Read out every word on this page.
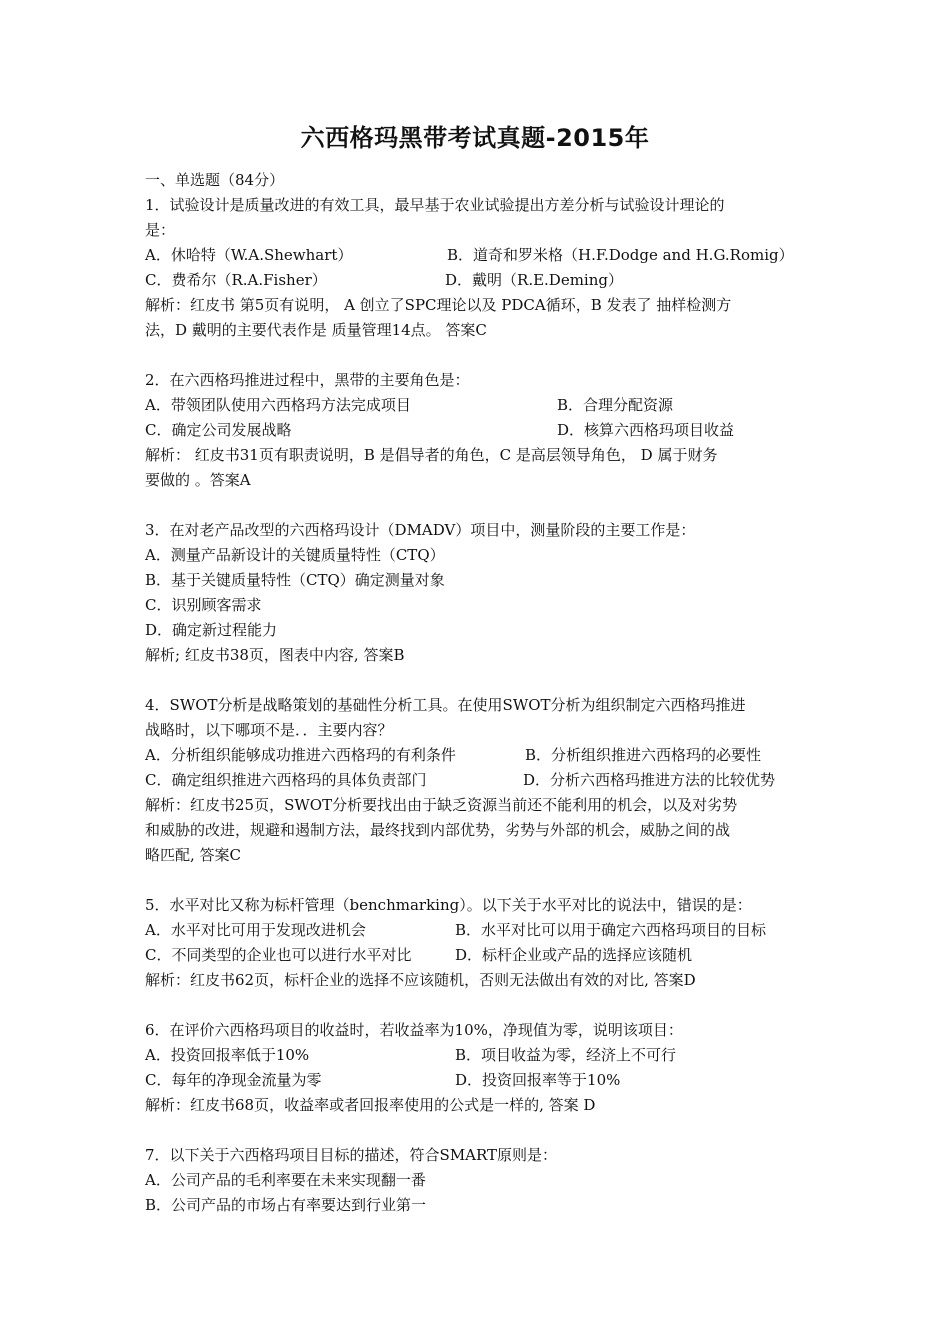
六西格玛黑带考试真题-2015年
一、单选题（84分）
1．试验设计是质量改进的有效工具，最早基于农业试验提出方差分析与试验设计理论的
是：
A．休哈特（W.A.Shewhart）	B．道奇和罗米格（H.F.Dodge and H.G.Romig）
C．费希尔（R.A.Fisher）	D．戴明（R.E.Deming）
解析：红皮书 第5页有说明， A 创立了SPC理论以及 PDCA循环，B 发表了 抽样检测方
法，D 戴明的主要代表作是 质量管理14点。 答案C
2．在六西格玛推进过程中，黑带的主要角色是：
A．带领团队使用六西格玛方法完成项目	B．合理分配资源
C．确定公司发展战略	D．核算六西格玛项目收益
解析： 红皮书31页有职责说明，B 是倡导者的角色，C 是高层领导角色， D 属于财务
要做的 。答案A
3．在对老产品改型的六西格玛设计（DMADV）项目中，测量阶段的主要工作是：
A．测量产品新设计的关键质量特性（CTQ）
B．基于关键质量特性（CTQ）确定测量对象
C．识别顾客需求
D．确定新过程能力
解析; 红皮书38页，图表中内容, 答案B
4．SWOT分析是战略策划的基础性分析工具。在使用SWOT分析为组织制定六西格玛推进
战略时，以下哪项不是．．主要内容？
A．分析组织能够成功推进六西格玛的有利条件	B．分析组织推进六西格玛的必要性
C．确定组织推进六西格玛的具体负责部门	D．分析六西格玛推进方法的比较优势
解析：红皮书25页，SWOT分析要找出由于缺乏资源当前还不能利用的机会，以及对劣势
和威胁的改进，规避和遏制方法，最终找到内部优势，劣势与外部的机会，威胁之间的战
略匹配, 答案C
5．水平对比又称为标杆管理（benchmarking）。以下关于水平对比的说法中，错误的是：
A．水平对比可用于发现改进机会	B．水平对比可以用于确定六西格玛项目的目标
C．不同类型的企业也可以进行水平对比	D．标杆企业或产品的选择应该随机
解析：红皮书62页，标杆企业的选择不应该随机，否则无法做出有效的对比, 答案D
6．在评价六西格玛项目的收益时，若收益率为10%，净现值为零，说明该项目：
A．投资回报率低于10%	B．项目收益为零，经济上不可行
C．每年的净现金流量为零	D．投资回报率等于10%
解析：红皮书68页，收益率或者回报率使用的公式是一样的, 答案 D
7．以下关于六西格玛项目目标的描述，符合SMART原则是：
A．公司产品的毛利率要在未来实现翻一番
B．公司产品的市场占有率要达到行业第一
